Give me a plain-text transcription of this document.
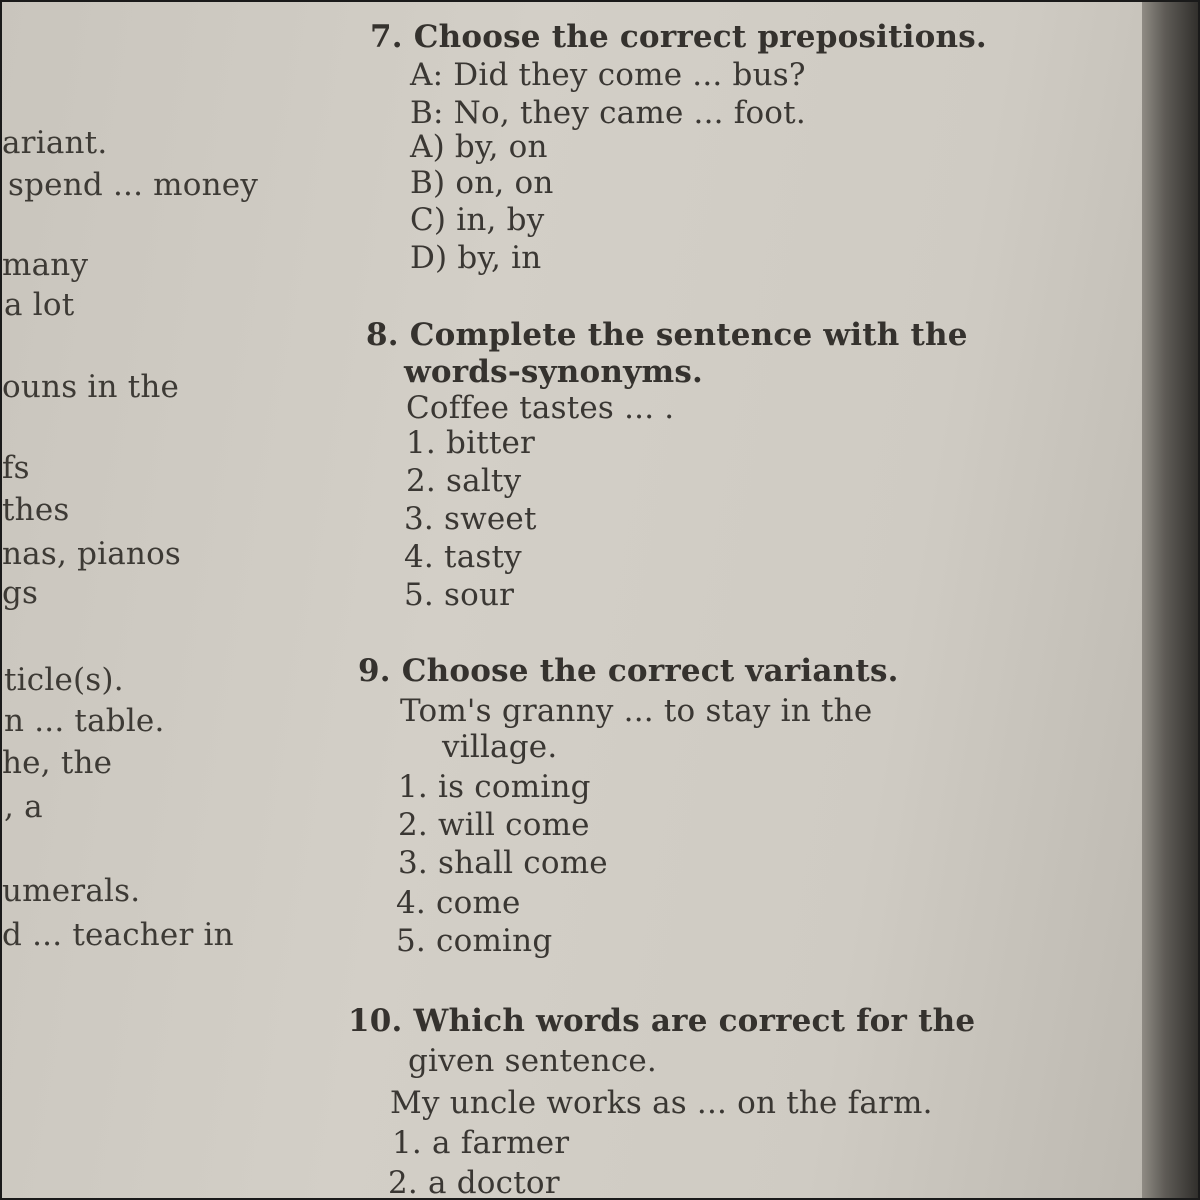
ariant.
spend ... money
many
a lot
ouns in the
fs
thes
nas, pianos
gs
ticle(s).
n ... table.
he, the
, a
umerals.
d ... teacher in
7. Choose the correct prepositions.
A: Did they come ... bus?
B: No, they came ... foot.
A) by, on
B) on, on
C) in, by
D) by, in
8. Complete the sentence with the
words-synonyms.
Coffee tastes ... .
1. bitter
2. salty
3. sweet
4. tasty
5. sour
9. Choose the correct variants.
Tom's granny ... to stay in the
village.
1. is coming
2. will come
3. shall come
4. come
5. coming
10. Which words are correct for the
given sentence.
My uncle works as ... on the farm.
1. a farmer
2. a doctor
